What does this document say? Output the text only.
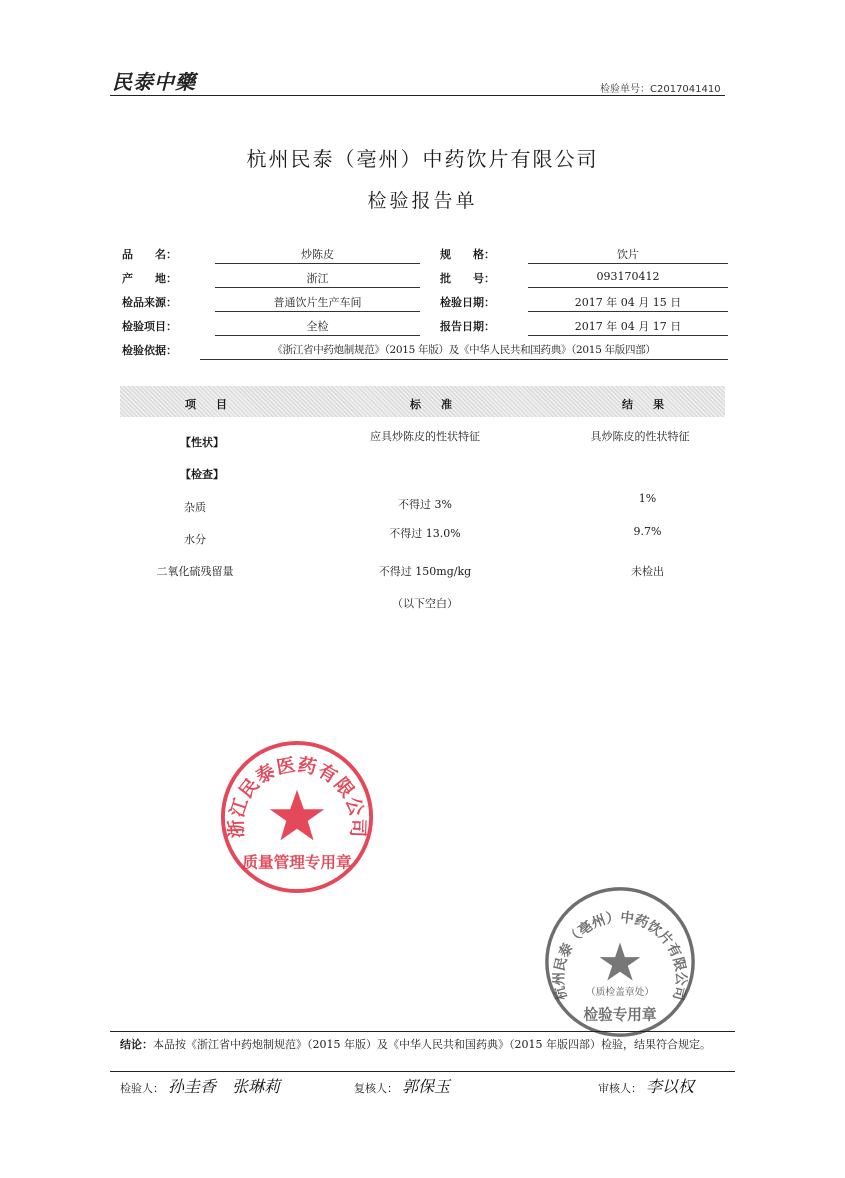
民泰中藥	检验单号：C2017041410
杭州民泰（亳州）中药饮片有限公司
检验报告单
品　　名：	炒陈皮	规　　格：	饮片
产　　地：	浙江	批　　号：	093170412
检品来源：	普通饮片生产车间	检验日期：	2017 年 04 月 15 日
检验项目：	全检	报告日期：	2017 年 04 月 17 日
检验依据：	《浙江省中药炮制规范》（2015 年版）及《中华人民共和国药典》（2015 年版四部）
项目	标准	结果
【性状】	应具炒陈皮的性状特征	具炒陈皮的性状特征
【检查】
杂质	不得过 3%	1%
水分	不得过 13.0%	9.7%
二氧化硫残留量	不得过 150mg/kg	未检出
（以下空白）
浙江民泰医药有限公司
质量管理专用章
杭州民泰（亳州）中药饮片有限公司
（质检盖章处）
检验专用章
结论：本品按《浙江省中药炮制规范》（2015 年版）及《中华人民共和国药典》（2015 年版四部）检验，结果符合规定。
检验人： 孙圭香　张琳莉	复核人： 郭保玉	审核人： 李以权
